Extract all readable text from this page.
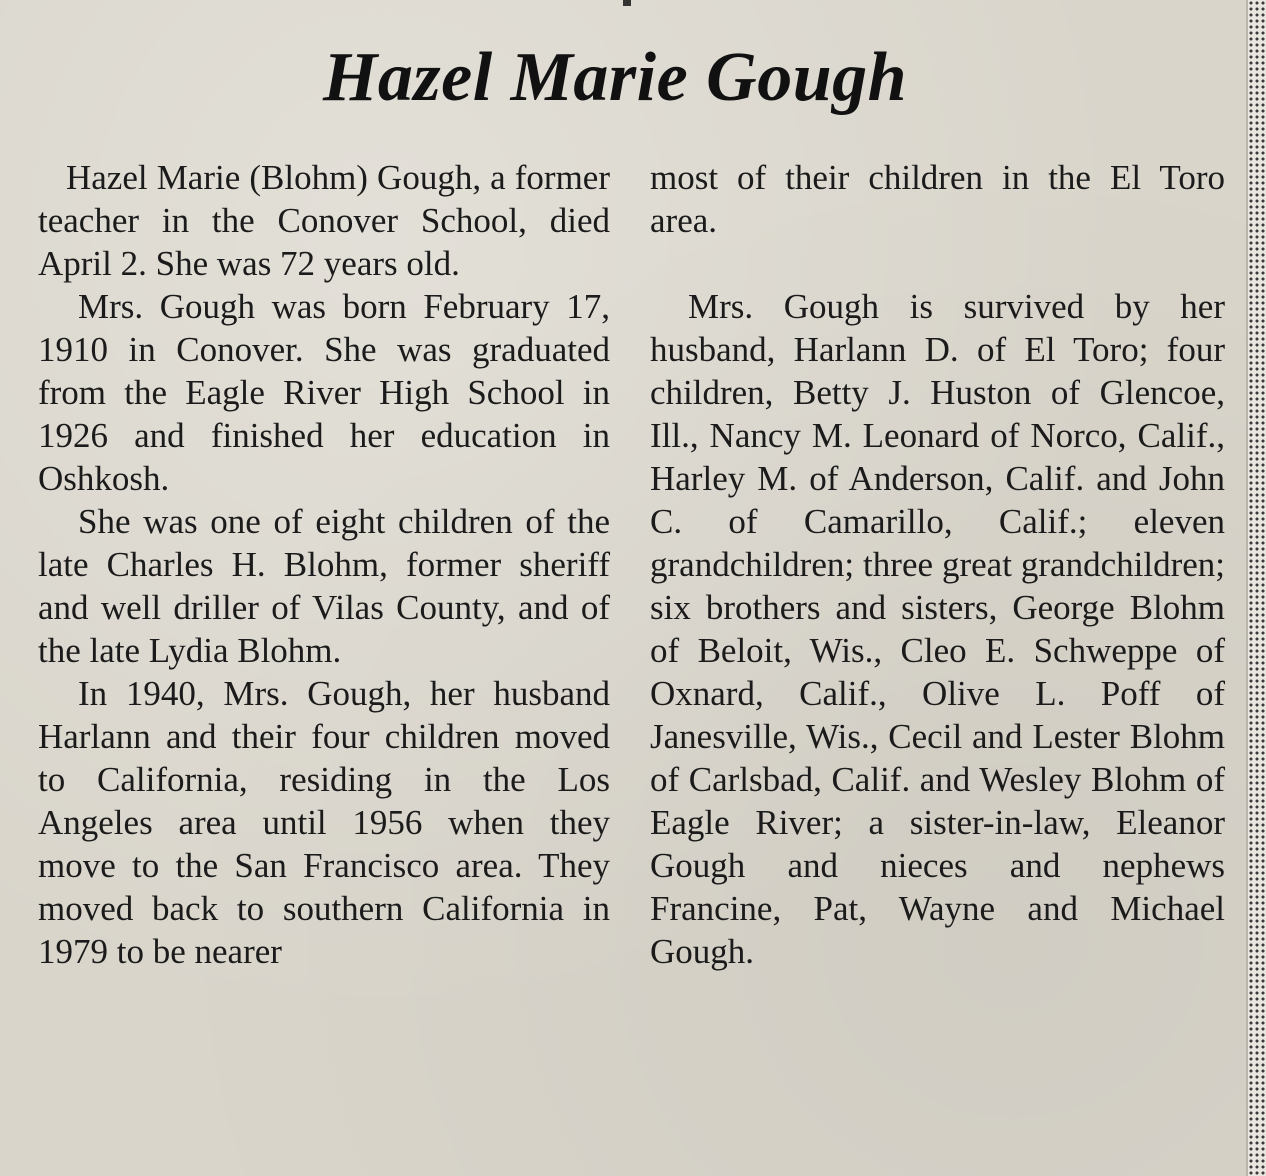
Hazel Marie Gough

Hazel Marie (Blohm) Gough, a former teacher in the Conover School, died April 2. She was 72 years old.

Mrs. Gough was born February 17, 1910 in Conover. She was graduated from the Eagle River High School in 1926 and finished her education in Oshkosh.

She was one of eight children of the late Charles H. Blohm, former sheriff and well driller of Vilas County, and of the late Lydia Blohm.

In 1940, Mrs. Gough, her husband Harlann and their four children moved to California, residing in the Los Angeles area until 1956 when they move to the San Francisco area. They moved back to southern California in 1979 to be nearer

most of their children in the El Toro area.

Mrs. Gough is survived by her husband, Harlann D. of El Toro; four children, Betty J. Huston of Glencoe, Ill., Nancy M. Leonard of Norco, Calif., Harley M. of Anderson, Calif. and John C. of Camarillo, Calif.; eleven grandchildren; three great grandchildren; six brothers and sisters, George Blohm of Beloit, Wis., Cleo E. Schweppe of Oxnard, Calif., Olive L. Poff of Janesville, Wis., Cecil and Lester Blohm of Carlsbad, Calif. and Wesley Blohm of Eagle River; a sister-in-law, Eleanor Gough and nieces and nephews Francine, Pat, Wayne and Michael Gough.
